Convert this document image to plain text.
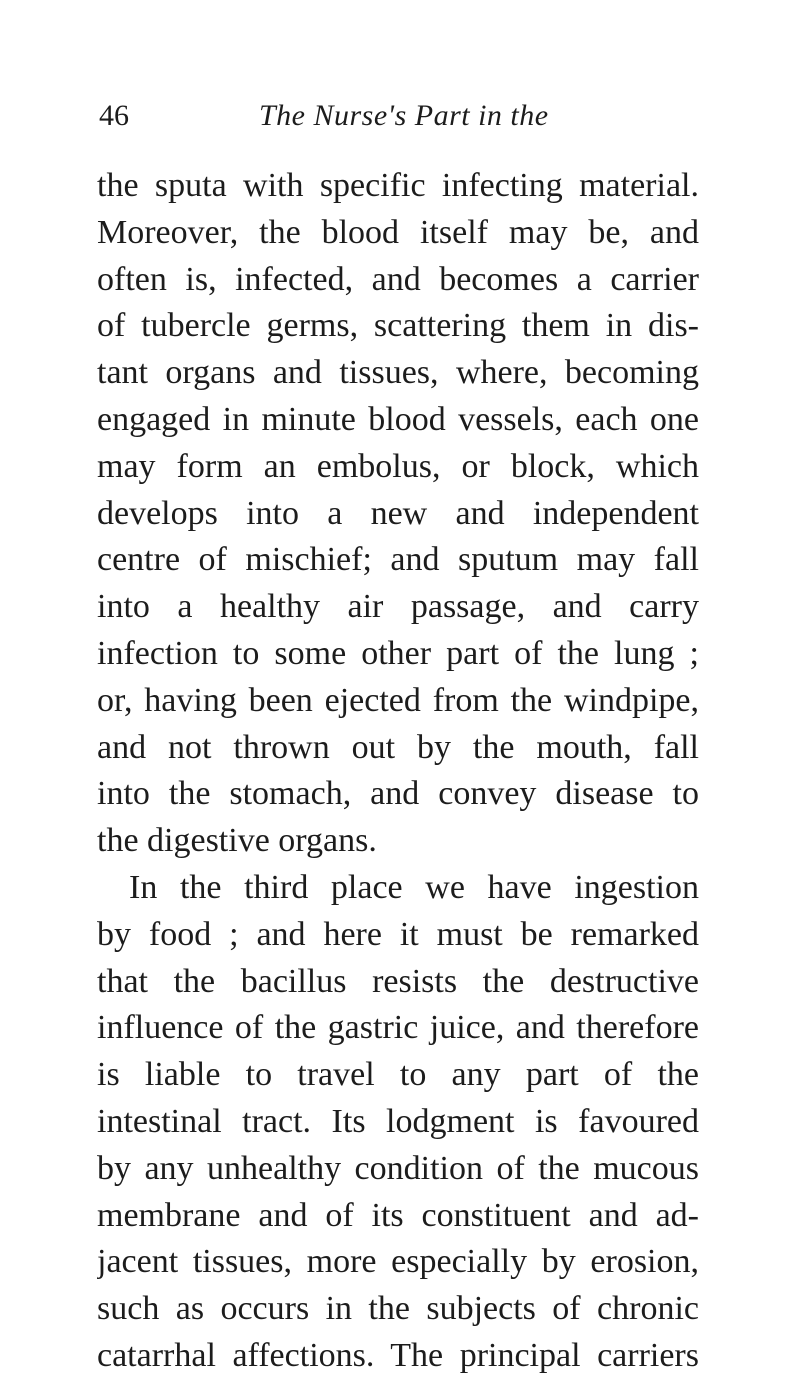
46	The Nurse's Part in the
the sputa with specific infecting material.
Moreover, the blood itself may be, and
often is, infected, and becomes a carrier
of tubercle germs, scattering them in dis-
tant organs and tissues, where, becoming
engaged in minute blood vessels, each one
may form an embolus, or block, which
develops into a new and independent
centre of mischief; and sputum may fall
into a healthy air passage, and carry
infection to some other part of the lung ;
or, having been ejected from the windpipe,
and not thrown out by the mouth, fall
into the stomach, and convey disease to
the digestive organs.
In the third place we have ingestion
by food ; and here it must be remarked
that the bacillus resists the destructive
influence of the gastric juice, and therefore
is liable to travel to any part of the
intestinal tract. Its lodgment is favoured
by any unhealthy condition of the mucous
membrane and of its constituent and ad-
jacent tissues, more especially by erosion,
such as occurs in the subjects of chronic
catarrhal affections. The principal carriers
